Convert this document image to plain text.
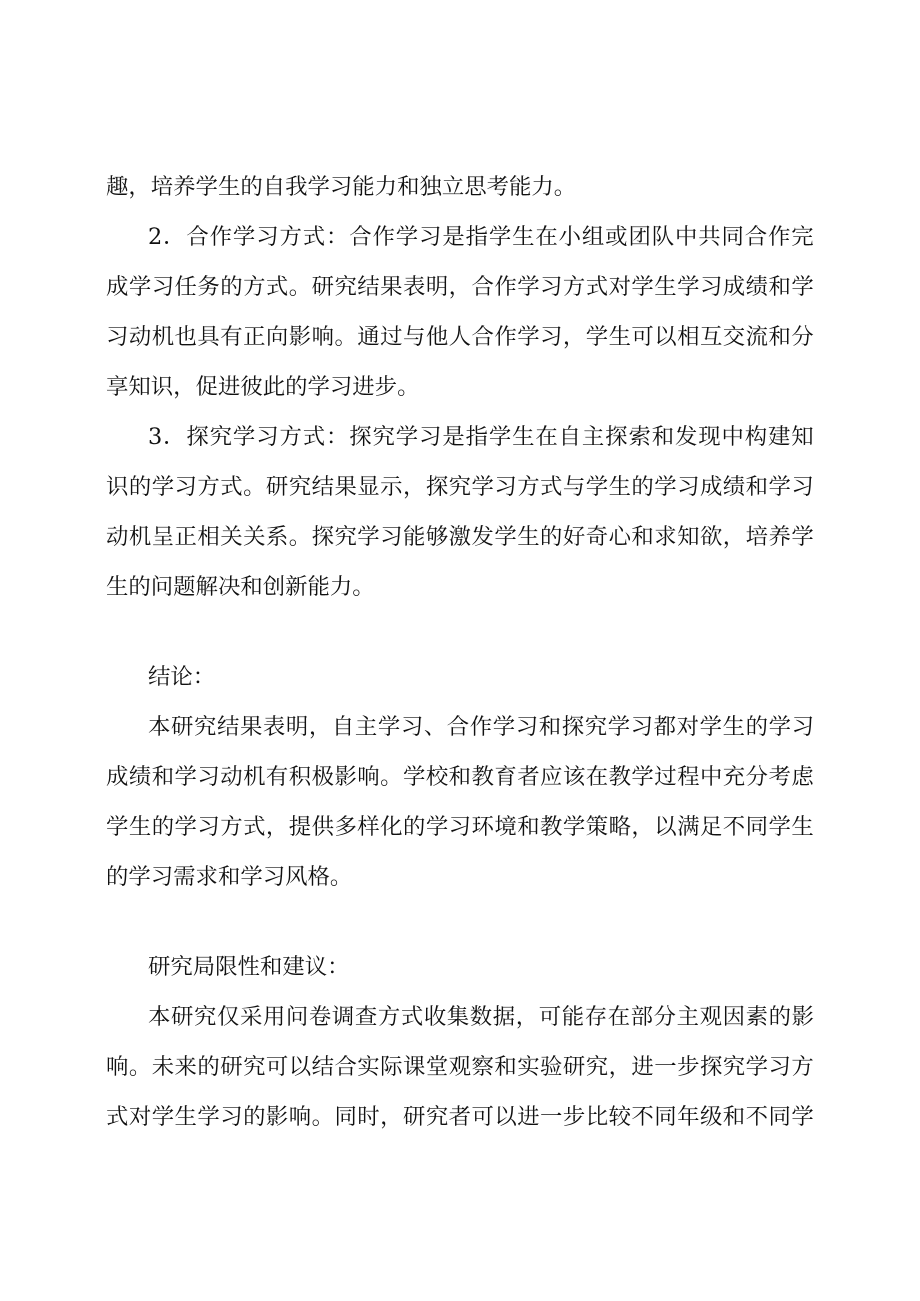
趣，培养学生的自我学习能力和独立思考能力。
2 ． 合 作 学 习 方 式 ： 合 作 学 习 是 指 学 生 在 小 组 或 团 队 中 共 同 合 作 完
成 学 习 任 务 的 方 式 。 研 究 结 果 表 明 ， 合 作 学 习 方 式 对 学 生 学 习 成 绩 和 学
习 动 机 也 具 有 正 向 影 响 。 通 过 与 他 人 合 作 学 习 ， 学 生 可 以 相 互 交 流 和 分
享知识，促进彼此的学习进步。
3 ． 探 究 学 习 方 式 ： 探 究 学 习 是 指 学 生 在 自 主 探 索 和 发 现 中 构 建 知
识 的 学 习 方 式 。 研 究 结 果 显 示 ， 探 究 学 习 方 式 与 学 生 的 学 习 成 绩 和 学 习
动 机 呈 正 相 关 关 系 。 探 究 学 习 能 够 激 发 学 生 的 好 奇 心 和 求 知 欲 ， 培 养 学
生的问题解决和创新能力。
结论：
本 研 究 结 果 表 明 ， 自 主 学 习 、 合 作 学 习 和 探 究 学 习 都 对 学 生 的 学 习
成 绩 和 学 习 动 机 有 积 极 影 响 。 学 校 和 教 育 者 应 该 在 教 学 过 程 中 充 分 考 虑
学 生 的 学 习 方 式 ， 提 供 多 样 化 的 学 习 环 境 和 教 学 策 略 ， 以 满 足 不 同 学 生
的学习需求和学习风格。
研究局限性和建议：
本 研 究 仅 采 用 问 卷 调 查 方 式 收 集 数 据 ， 可 能 存 在 部 分 主 观 因 素 的 影
响 。 未 来 的 研 究 可 以 结 合 实 际 课 堂 观 察 和 实 验 研 究 ， 进 一 步 探 究 学 习 方
式 对 学 生 学 习 的 影 响 。 同 时 ， 研 究 者 可 以 进 一 步 比 较 不 同 年 级 和 不 同 学
